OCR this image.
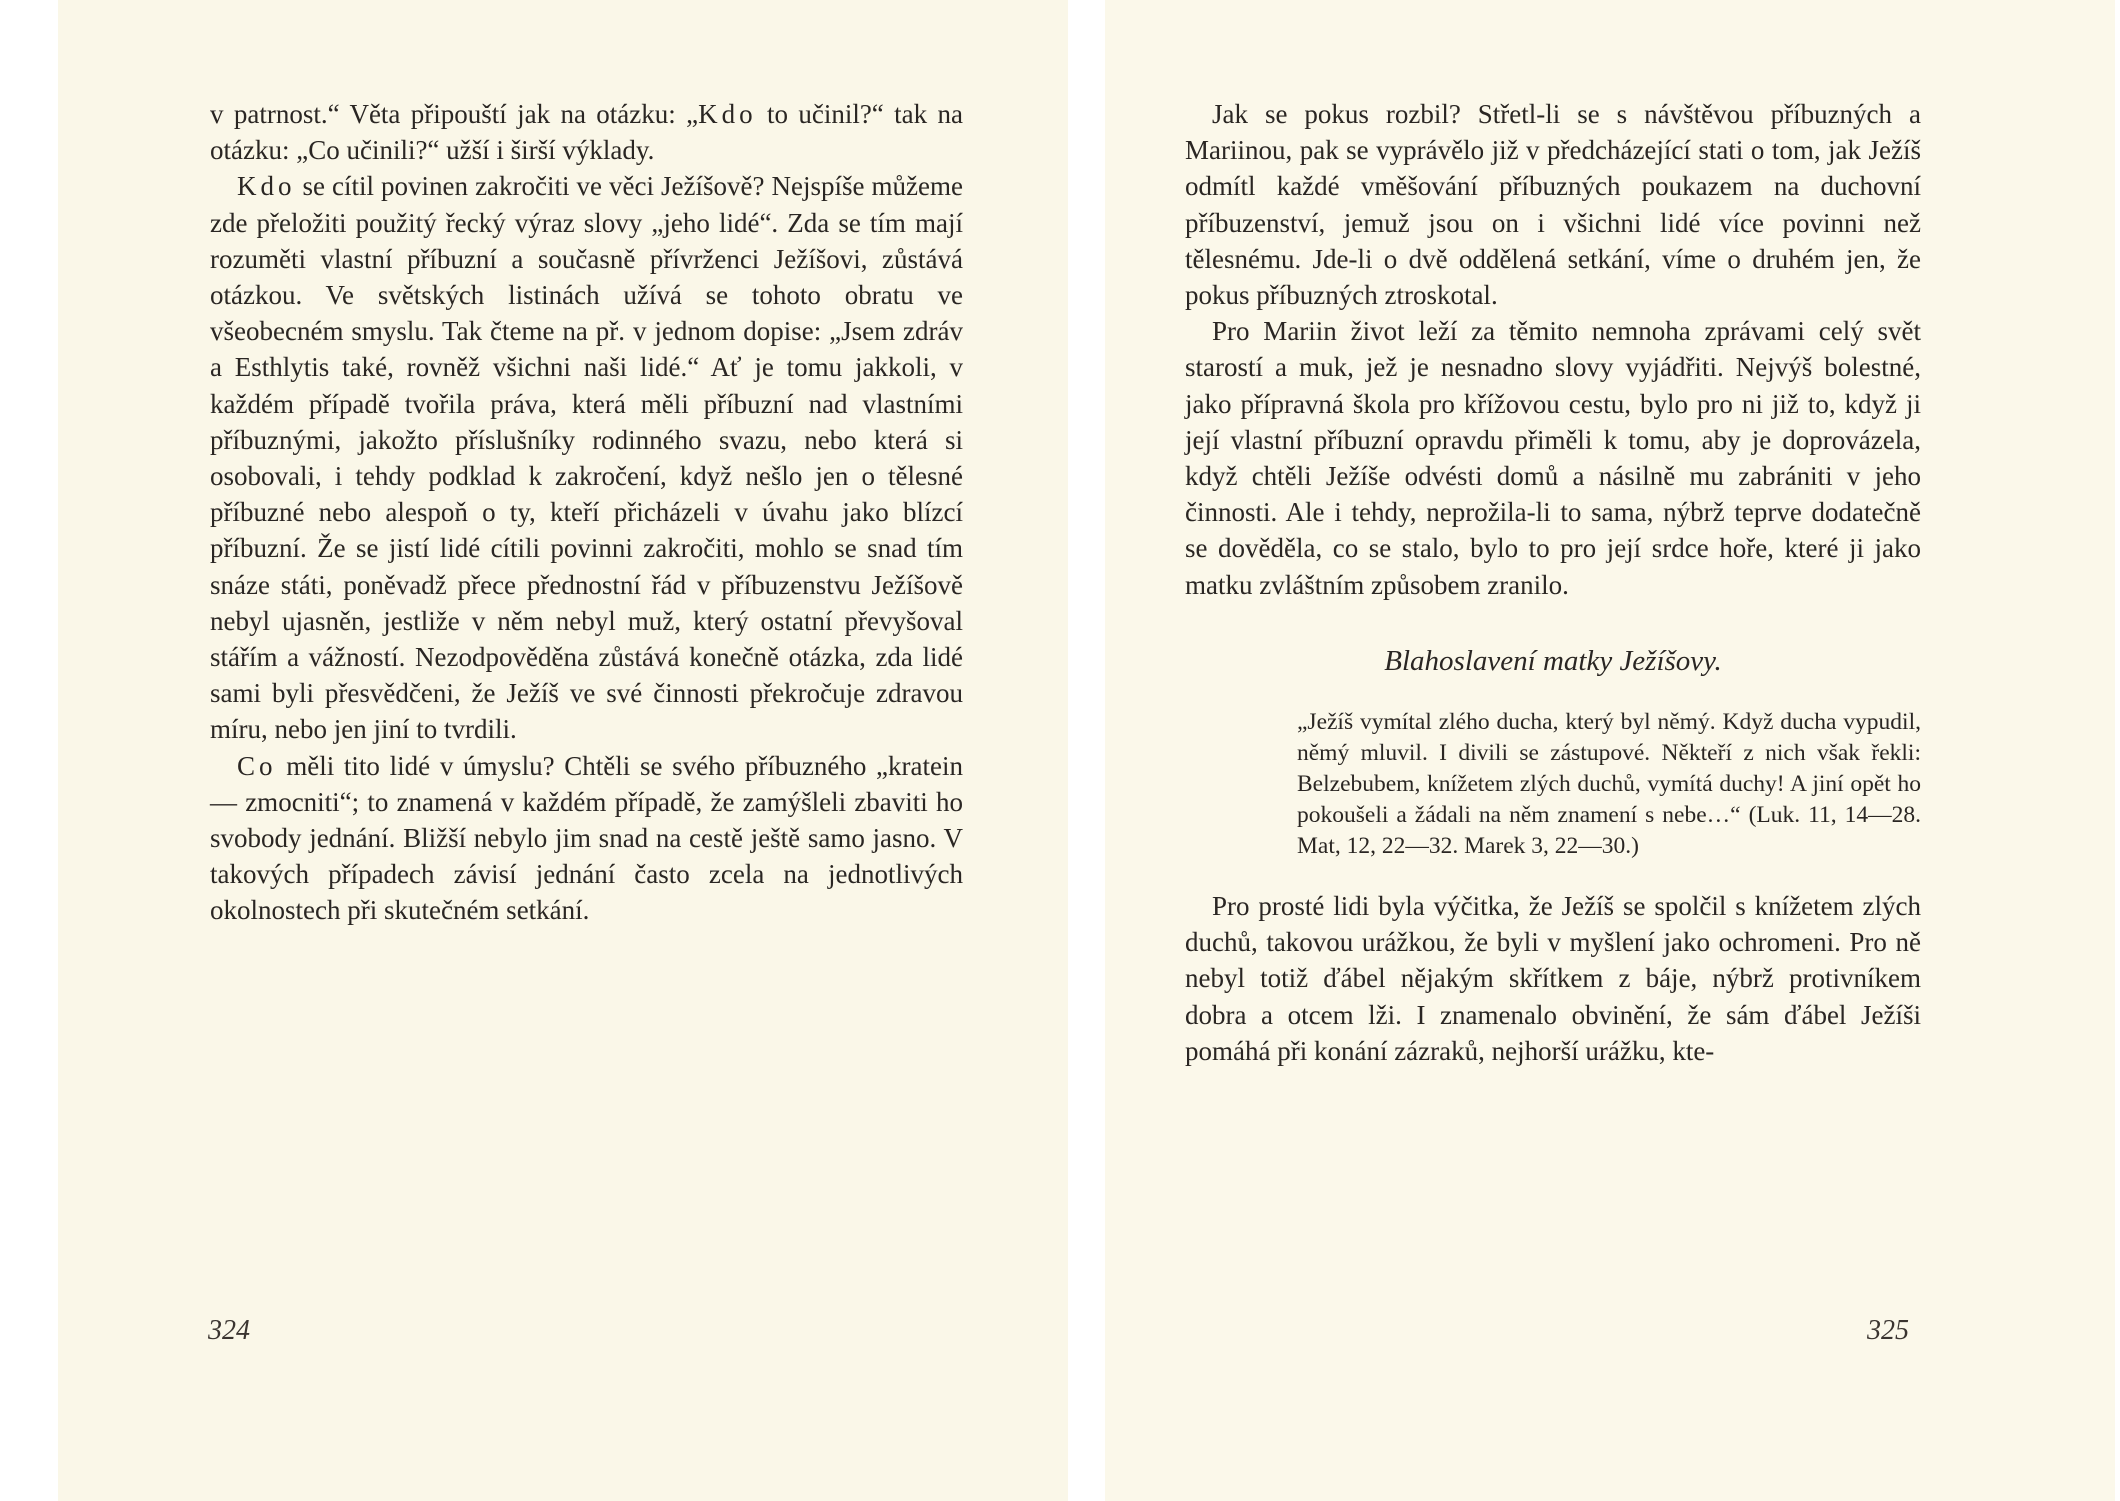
v patrnost.“ Věta připouští jak na otázku: „Kdo to učinil?“ tak na otázku: „Co učinili?“ užší i širší výklady.

Kdo se cítil povinen zakročiti ve věci Ježíšově? Nejspíše můžeme zde přeložiti použitý řecký výraz slovy „jeho lidé“. Zda se tím mají rozuměti vlastní příbuzní a současně přívrženci Ježíšovi, zůstává otázkou. Ve světských listinách užívá se tohoto obratu ve všeobecném smyslu. Tak čteme na př. v jednom dopise: „Jsem zdráv a Esthlytis také, rovněž všichni naši lidé.“ Ať je tomu jakkoli, v každém případě tvořila práva, která měli příbuzní nad vlastními příbuznými, jakožto příslušníky rodinného svazu, nebo která si osobovali, i tehdy podklad k zakročení, když nešlo jen o tělesné příbuzné nebo alespoň o ty, kteří přicházeli v úvahu jako blízcí příbuzní. Že se jistí lidé cítili povinni zakročiti, mohlo se snad tím snáze státi, poněvadž přece přednostní řád v příbuzenstvu Ježíšově nebyl ujasněn, jestliže v něm nebyl muž, který ostatní převyšoval stářím a vážností. Nezodpověděna zůstává konečně otázka, zda lidé sami byli přesvědčeni, že Ježíš ve své činnosti překročuje zdravou míru, nebo jen jiní to tvrdili.

Co měli tito lidé v úmyslu? Chtěli se svého příbuzného „kratein — zmocniti“; to znamená v každém případě, že zamýšleli zbaviti ho svobody jednání. Bližší nebylo jim snad na cestě ještě samo jasno. V takových případech závisí jednání často zcela na jednotlivých okolnostech při skutečném setkání.

324

Jak se pokus rozbil? Střetl-li se s návštěvou příbuzných a Mariinou, pak se vyprávělo již v předcházející stati o tom, jak Ježíš odmítl každé vměšování příbuzných poukazem na duchovní příbuzenství, jemuž jsou on i všichni lidé více povinni než tělesnému. Jde-li o dvě oddělená setkání, víme o druhém jen, že pokus příbuzných ztroskotal.

Pro Mariin život leží za těmito nemnoha zprávami celý svět starostí a muk, jež je nesnadno slovy vyjádřiti. Nejvýš bolestné, jako přípravná škola pro křížovou cestu, bylo pro ni již to, když ji její vlastní příbuzní opravdu přiměli k tomu, aby je doprovázela, když chtěli Ježíše odvésti domů a násilně mu zabrániti v jeho činnosti. Ale i tehdy, neprožila-li to sama, nýbrž teprve dodatečně se dověděla, co se stalo, bylo to pro její srdce hoře, které ji jako matku zvláštním způsobem zranilo.

Blahoslavení matky Ježíšovy.
„Ježíš vymítal zlého ducha, který byl němý. Když ducha vypudil, němý mluvil. I divili se zástupové. Někteří z nich však řekli: Belzebubem, knížetem zlých duchů, vymítá duchy! A jiní opět ho pokoušeli a žádali na něm znamení s nebe…“ (Luk. 11, 14—28. Mat, 12, 22—32. Marek 3, 22—30.)

Pro prosté lidi byla výčitka, že Ježíš se spolčil s knížetem zlých duchů, takovou urážkou, že byli v myšlení jako ochromeni. Pro ně nebyl totiž ďábel nějakým skřítkem z báje, nýbrž protivníkem dobra a otcem lži. I znamenalo obvinění, že sám ďábel Ježíši pomáhá při konání zázraků, nejhorší urážku, kte-

325
